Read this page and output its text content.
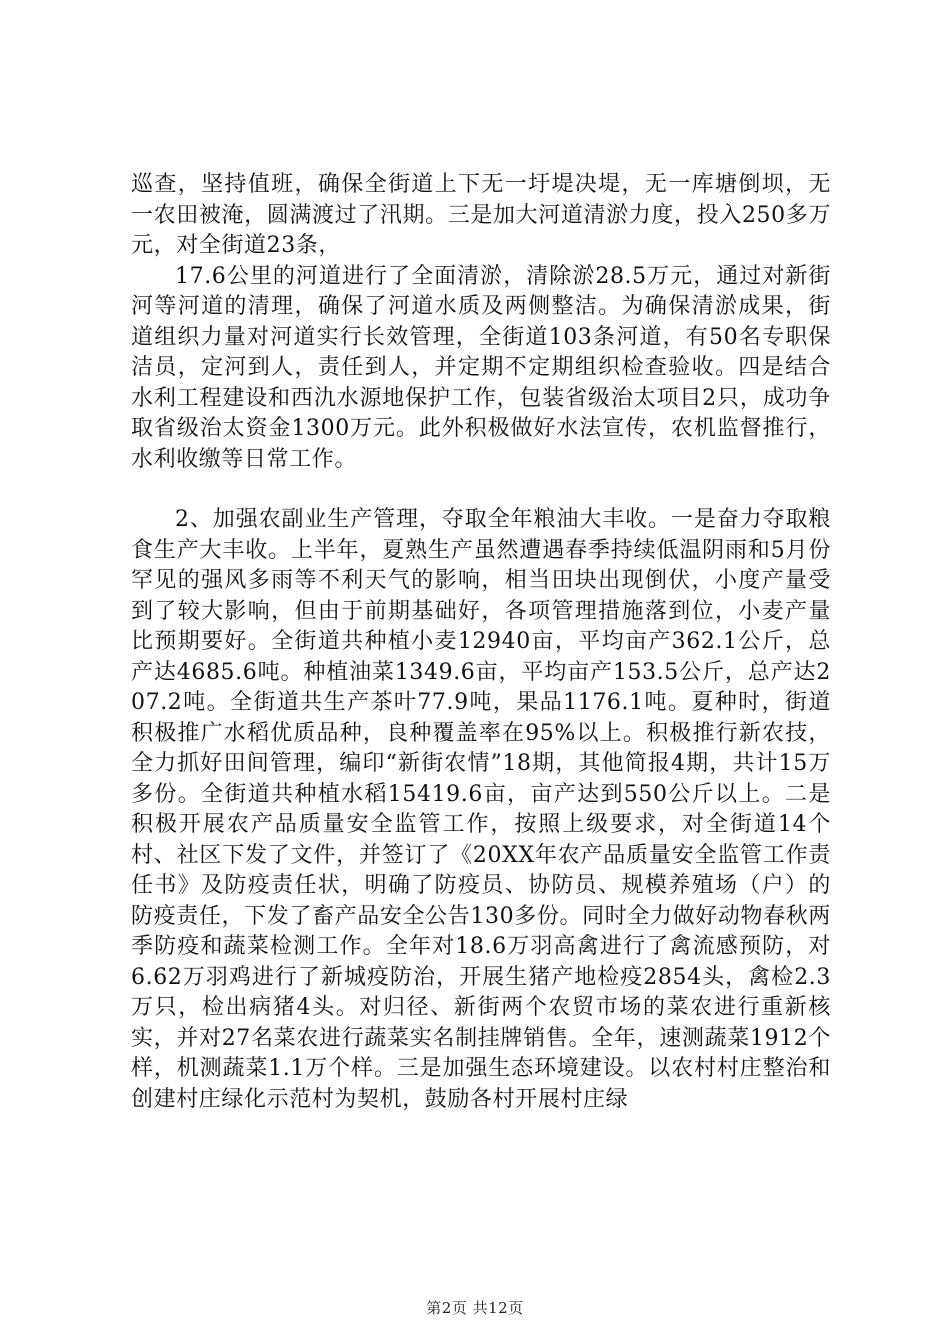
巡查，坚持值班，确保全街道上下无一圩堤决堤，无一库塘倒坝，无一农田被淹，圆满渡过了汛期。三是加大河道清淤力度，投入250多万元，对全街道23条，

17.6公里的河道进行了全面清淤，清除淤28.5万元，通过对新街河等河道的清理，确保了河道水质及两侧整洁。为确保清淤成果，街道组织力量对河道实行长效管理，全街道103条河道，有50名专职保洁员，定河到人，责任到人，并定期不定期组织检查验收。四是结合水利工程建设和西氿水源地保护工作，包装省级治太项目2只，成功争取省级治太资金1300万元。此外积极做好水法宣传，农机监督推行，水利收缴等日常工作。

2、加强农副业生产管理，夺取全年粮油大丰收。一是奋力夺取粮食生产大丰收。上半年，夏熟生产虽然遭遇春季持续低温阴雨和5月份罕见的强风多雨等不利天气的影响，相当田块出现倒伏，小度产量受到了较大影响，但由于前期基础好，各项管理措施落到位，小麦产量比预期要好。全街道共种植小麦12940亩，平均亩产362.1公斤，总产达4685.6吨。种植油菜1349.6亩，平均亩产153.5公斤，总产达207.2吨。全街道共生产茶叶77.9吨，果品1176.1吨。夏种时，街道积极推广水稻优质品种，良种覆盖率在95%以上。积极推行新农技，全力抓好田间管理，编印“新街农情”18期，其他简报4期，共计15万多份。全街道共种植水稻15419.6亩，亩产达到550公斤以上。二是积极开展农产品质量安全监管工作，按照上级要求，对全街道14个村、社区下发了文件，并签订了《20XX年农产品质量安全监管工作责任书》及防疫责任状，明确了防疫员、协防员、规模养殖场（户）的防疫责任，下发了畜产品安全公告130多份。同时全力做好动物春秋两季防疫和蔬菜检测工作。全年对18.6万羽高禽进行了禽流感预防，对6.62万羽鸡进行了新城疫防治，开展生猪产地检疫2854头，禽检2.3万只，检出病猪4头。对归径、新街两个农贸市场的菜农进行重新核实，并对27名菜农进行蔬菜实名制挂牌销售。全年，速测蔬菜1912个样，机测蔬菜1.1万个样。三是加强生态环境建设。以农村村庄整治和创建村庄绿化示范村为契机，鼓励各村开展村庄绿

第2页 共12页
